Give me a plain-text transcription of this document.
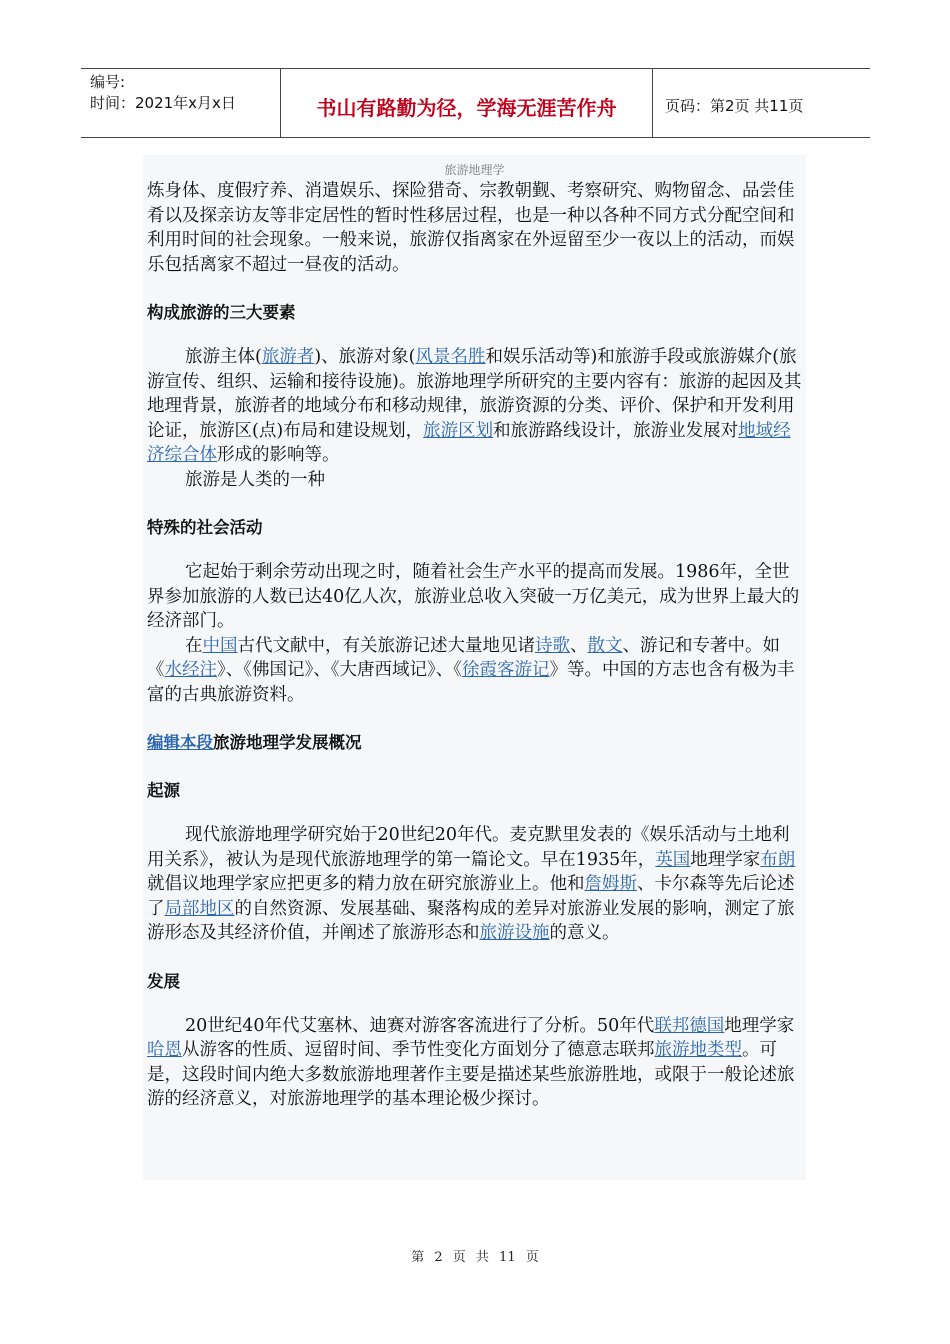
编号:
时间：2021年x月x日	书山有路勤为径，学海无涯苦作舟	页码：第2页 共11页
旅游地理学

炼身体、度假疗养、消遣娱乐、探险猎奇、宗教朝觐、考察研究、购物留念、品尝佳肴以及探亲访友等非定居性的暂时性移居过程，也是一种以各种不同方式分配空间和利用时间的社会现象。一般来说，旅游仅指离家在外逗留至少一夜以上的活动，而娱乐包括离家不超过一昼夜的活动。

构成旅游的三大要素

旅游主体(旅游者)、旅游对象(风景名胜和娱乐活动等)和旅游手段或旅游媒介(旅游宣传、组织、运输和接待设施)。旅游地理学所研究的主要内容有：旅游的起因及其地理背景，旅游者的地域分布和移动规律，旅游资源的分类、评价、保护和开发利用论证，旅游区(点)布局和建设规划，旅游区划和旅游路线设计，旅游业发展对地域经济综合体形成的影响等。

旅游是人类的一种

特殊的社会活动

它起始于剩余劳动出现之时，随着社会生产水平的提高而发展。1986年，全世界参加旅游的人数已达40亿人次，旅游业总收入突破一万亿美元，成为世界上最大的经济部门。

在中国古代文献中，有关旅游记述大量地见诸诗歌、散文、游记和专著中。如《水经注》、《佛国记》、《大唐西域记》、《徐霞客游记》等。中国的方志也含有极为丰富的古典旅游资料。

编辑本段旅游地理学发展概况
起源

现代旅游地理学研究始于20世纪20年代。麦克默里发表的《娱乐活动与土地利用关系》，被认为是现代旅游地理学的第一篇论文。早在1935年，英国地理学家布朗就倡议地理学家应把更多的精力放在研究旅游业上。他和詹姆斯、卡尔森等先后论述了局部地区的自然资源、发展基础、聚落构成的差异对旅游业发展的影响，测定了旅游形态及其经济价值，并阐述了旅游形态和旅游设施的意义。

发展

20世纪40年代艾塞林、迪赛对游客客流进行了分析。50年代联邦德国地理学家哈恩从游客的性质、逗留时间、季节性变化方面划分了德意志联邦旅游地类型。可是，这段时间内绝大多数旅游地理著作主要是描述某些旅游胜地，或限于一般论述旅游的经济意义，对旅游地理学的基本理论极少探讨。

第 2 页 共 11 页
